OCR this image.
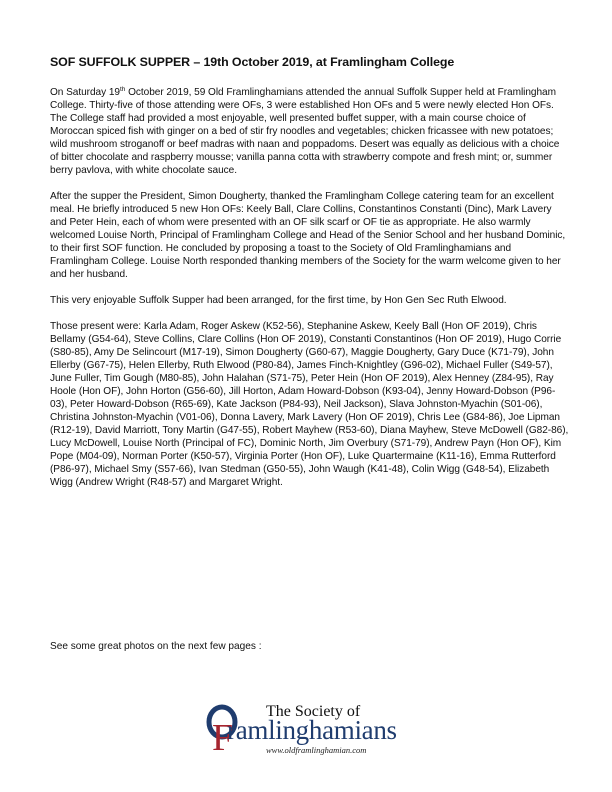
SOF SUFFOLK SUPPER – 19th October 2019, at Framlingham College

On Saturday 19th October 2019, 59 Old Framlinghamians attended the annual Suffolk Supper held at Framlingham College. Thirty-five of those attending were OFs, 3 were established Hon OFs and 5 were newly elected Hon OFs. The College staff had provided a most enjoyable, well presented buffet supper, with a main course choice of Moroccan spiced fish with ginger on a bed of stir fry noodles and vegetables; chicken fricassee with new potatoes; wild mushroom stroganoff or beef madras with naan and poppadoms. Desert was equally as delicious with a choice of bitter chocolate and raspberry mousse; vanilla panna cotta with strawberry compote and fresh mint; or, summer berry pavlova, with white chocolate sauce.

After the supper the President, Simon Dougherty, thanked the Framlingham College catering team for an excellent meal. He briefly introduced 5 new Hon OFs: Keely Ball, Clare Collins, Constantinos Constanti (Dinc), Mark Lavery and Peter Hein, each of whom were presented with an OF silk scarf or OF tie as appropriate. He also warmly welcomed Louise North, Principal of Framlingham College and Head of the Senior School and her husband Dominic, to their first SOF function. He concluded by proposing a toast to the Society of Old Framlinghamians and Framlingham College. Louise North responded thanking members of the Society for the warm welcome given to her and her husband.

This very enjoyable Suffolk Supper had been arranged, for the first time, by Hon Gen Sec Ruth Elwood.

Those present were: Karla Adam, Roger Askew (K52-56), Stephanine Askew, Keely Ball (Hon OF 2019), Chris Bellamy (G54-64), Steve Collins, Clare Collins (Hon OF 2019), Constanti Constantinos (Hon OF 2019), Hugo Corrie (S80-85), Amy De Selincourt (M17-19), Simon Dougherty (G60-67), Maggie Dougherty, Gary Duce (K71-79), John Ellerby (G67-75), Helen Ellerby, Ruth Elwood (P80-84), James Finch-Knightley (G96-02), Michael Fuller (S49-57), June Fuller, Tim Gough (M80-85), John Halahan (S71-75), Peter Hein (Hon OF 2019), Alex Henney (Z84-95), Ray Hoole (Hon OF), John Horton (G56-60), Jill Horton, Adam Howard-Dobson (K93-04), Jenny Howard-Dobson (P96-03), Peter Howard-Dobson (R65-69), Kate Jackson (P84-93), Neil Jackson), Slava Johnston-Myachin (S01-06), Christina Johnston-Myachin (V01-06), Donna Lavery, Mark Lavery (Hon OF 2019), Chris Lee (G84-86), Joe Lipman (R12-19), David Marriott, Tony Martin (G47-55), Robert Mayhew (R53-60), Diana Mayhew, Steve McDowell (G82-86), Lucy McDowell, Louise North (Principal of FC), Dominic North, Jim Overbury (S71-79), Andrew Payn (Hon OF), Kim Pope (M04-09), Norman Porter (K50-57), Virginia Porter (Hon OF), Luke Quartermaine (K11-16), Emma Rutterford (P86-97), Michael Smy (S57-66), Ivan Stedman (G50-55), John Waugh (K41-48), Colin Wigg (G48-54), Elizabeth Wigg (Andrew Wright (R48-57) and Margaret Wright.

See some great photos on the next few pages :
F
The Society of
ramlinghamians
www.oldframlinghamian.com
